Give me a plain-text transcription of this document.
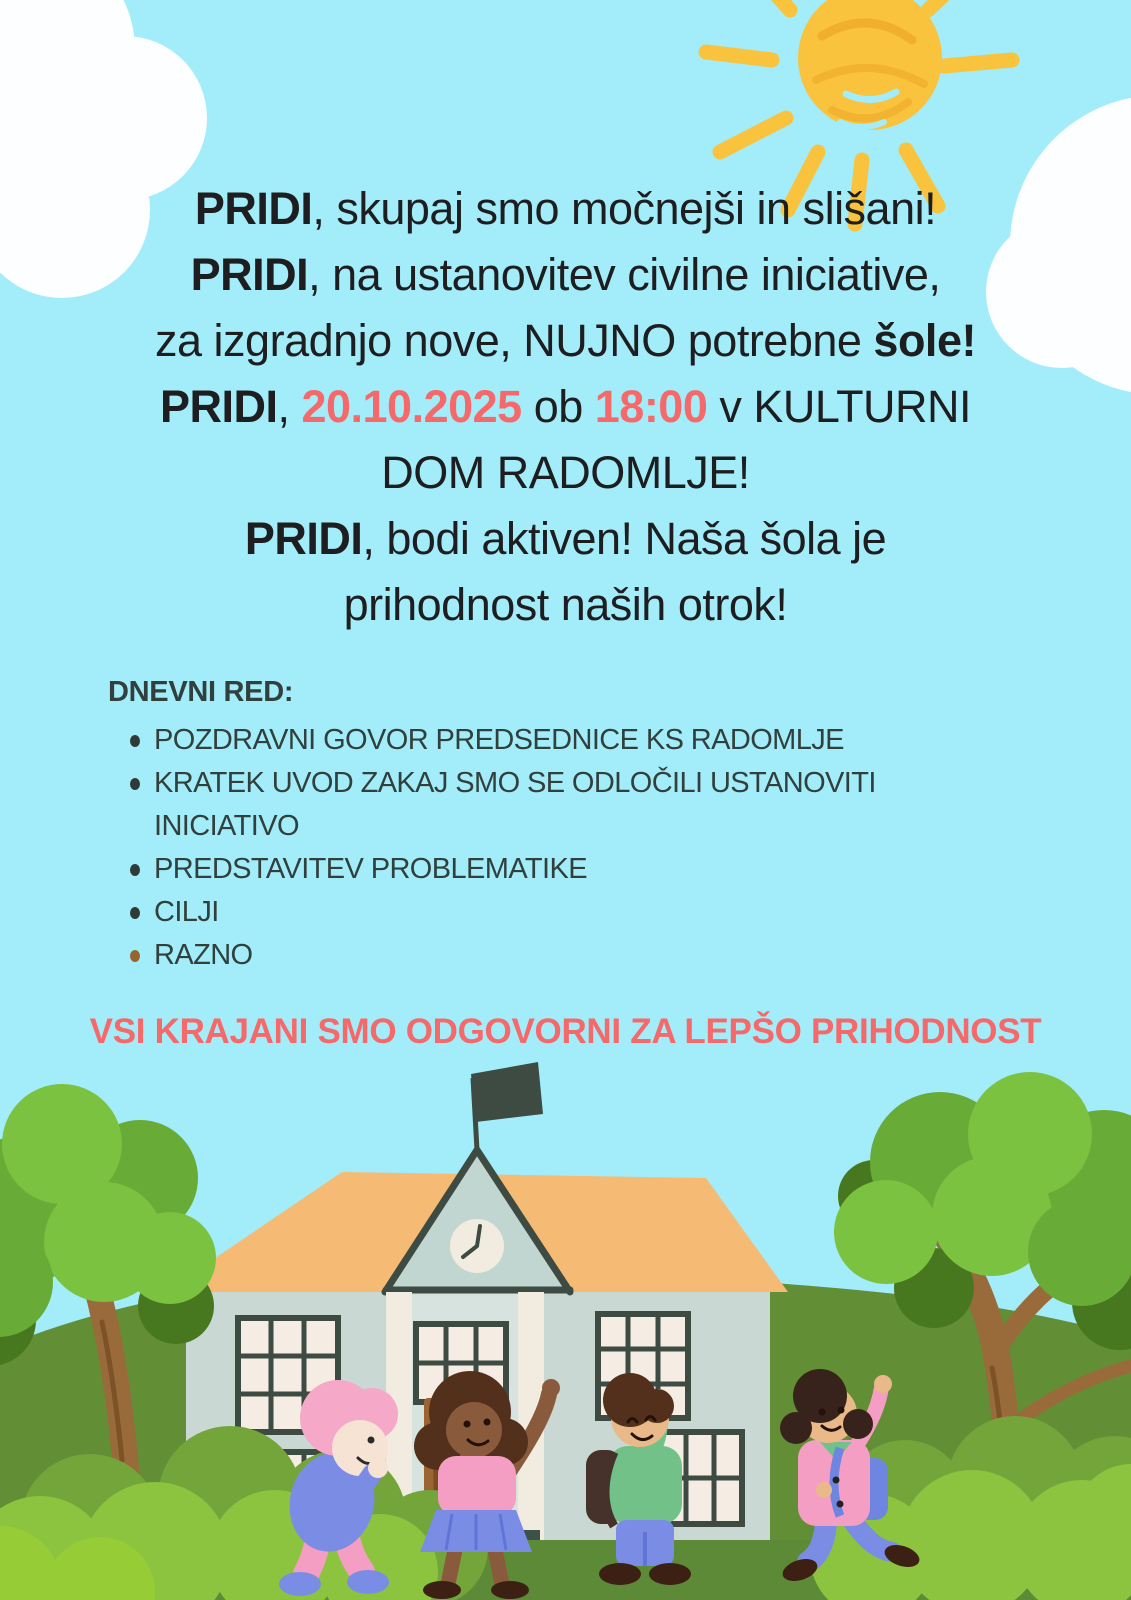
PRIDI, skupaj smo močnejši in slišani!
PRIDI, na ustanovitev civilne iniciative,
za izgradnjo nove, NUJNO potrebne šole!
PRIDI, 20.10.2025 ob 18:00 v KULTURNI
DOM RADOMLJE!
PRIDI, bodi aktiven! Naša šola je
prihodnost naših otrok!

DNEVNI RED:

POZDRAVNI GOVOR PREDSEDNICE KS RADOMLJE
KRATEK UVOD ZAKAJ SMO SE ODLOČILI USTANOVITI INICIATIVO
PREDSTAVITEV PROBLEMATIKE
CILJI
RAZNO
VSI KRAJANI SMO ODGOVORNI ZA LEPŠO PRIHODNOST
